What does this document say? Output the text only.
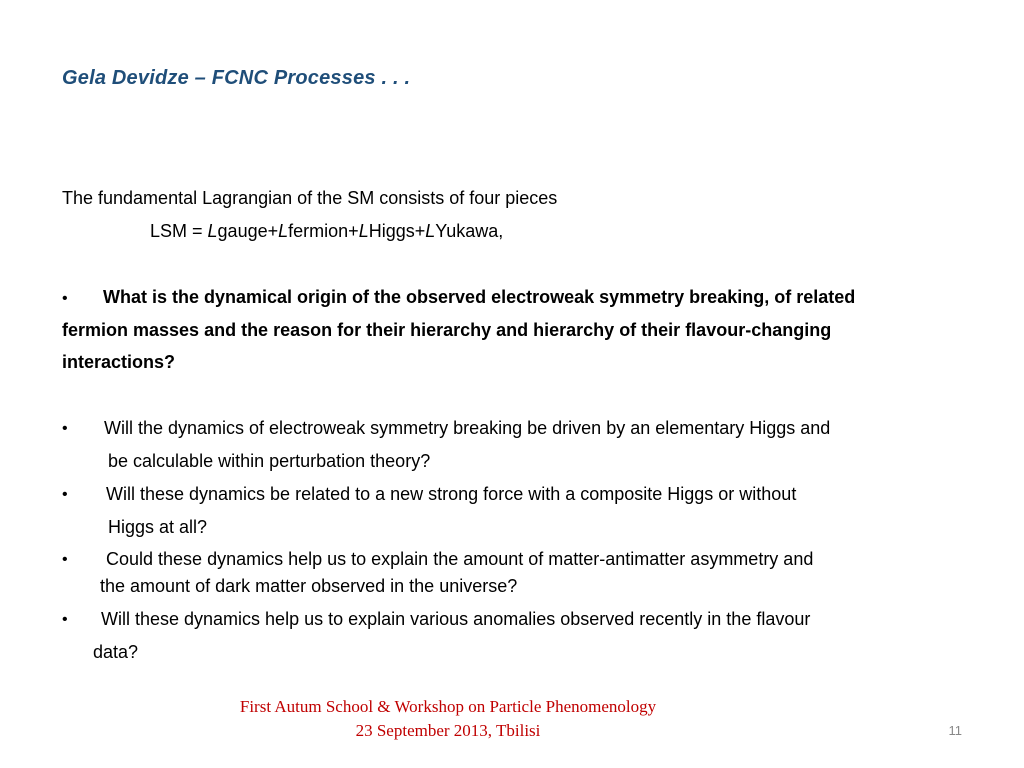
Gela Devidze – FCNC Processes . . .
The fundamental Lagrangian of the SM consists of four pieces
LSM = Lgauge+Lfermion+LHiggs+LYukawa,
• What is the dynamical origin of the observed electroweak symmetry breaking, of related
fermion masses and the reason for their hierarchy and hierarchy of their flavour-changing
interactions?
• Will the dynamics of electroweak symmetry breaking be driven by an elementary Higgs and
be calculable within perturbation theory?
• Will these dynamics be related to a new strong force with a composite Higgs or without
Higgs at all?
• Could these dynamics help us to explain the amount of matter-antimatter asymmetry and
the amount of dark matter observed in the universe?
• Will these dynamics help us to explain various anomalies observed recently in the flavour
data?
First Autum School & Workshop on Particle Phenomenology
23 September 2013, Tbilisi	11
